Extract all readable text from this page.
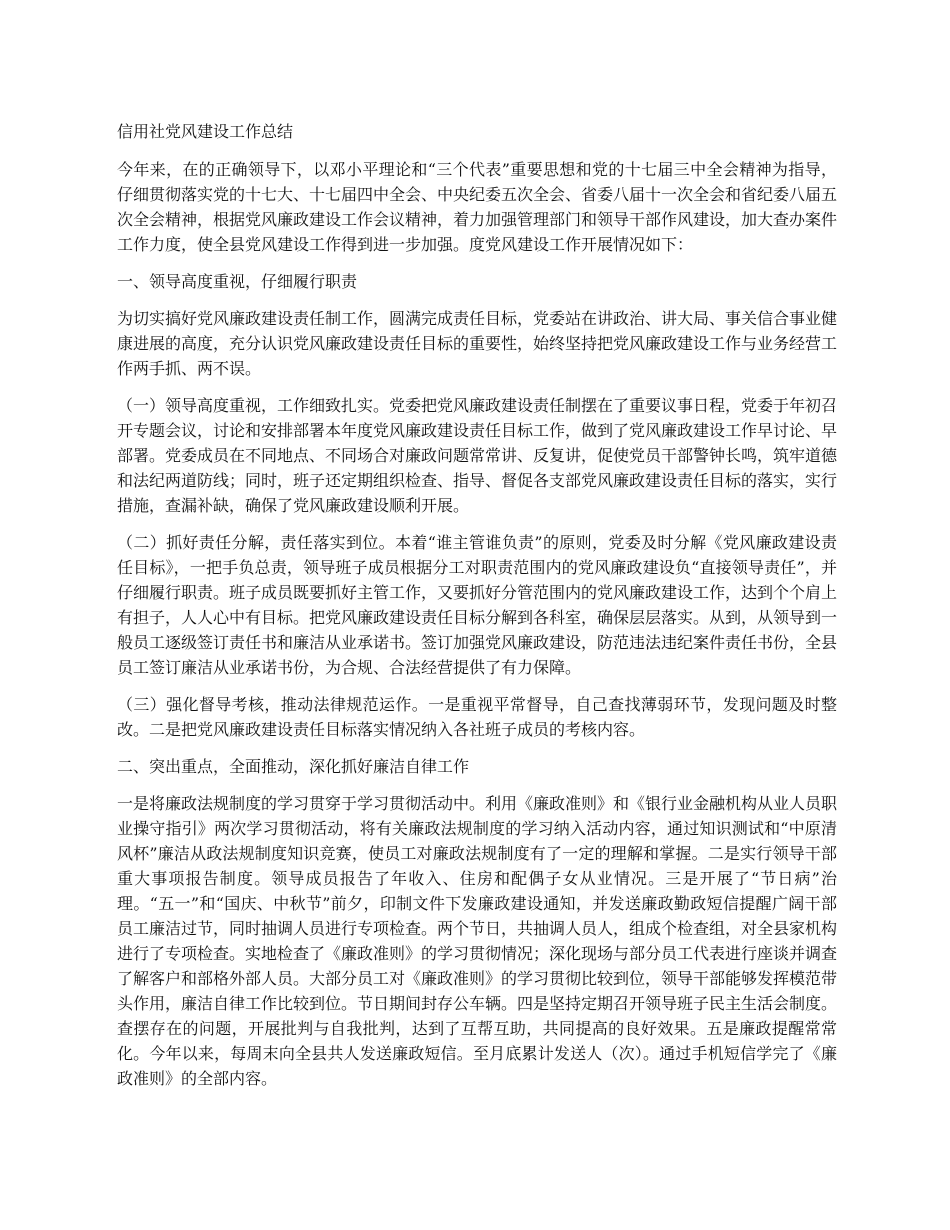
信用社党风建设工作总结

今年来，在的正确领导下，以邓小平理论和“三个代表”重要思想和党的十七届三中全会精神为指导，仔细贯彻落实党的十七大、十七届四中全会、中央纪委五次全会、省委八届十一次全会和省纪委八届五次全会精神，根据党风廉政建设工作会议精神，着力加强管理部门和领导干部作风建设，加大查办案件工作力度，使全县党风建设工作得到进一步加强。度党风建设工作开展情况如下：

一、领导高度重视，仔细履行职责

为切实搞好党风廉政建设责任制工作，圆满完成责任目标，党委站在讲政治、讲大局、事关信合事业健康进展的高度，充分认识党风廉政建设责任目标的重要性，始终坚持把党风廉政建设工作与业务经营工作两手抓、两不误。

（一）领导高度重视，工作细致扎实。党委把党风廉政建设责任制摆在了重要议事日程，党委于年初召开专题会议，讨论和安排部署本年度党风廉政建设责任目标工作，做到了党风廉政建设工作早讨论、早部署。党委成员在不同地点、不同场合对廉政问题常常讲、反复讲，促使党员干部警钟长鸣，筑牢道德和法纪两道防线；同时，班子还定期组织检查、指导、督促各支部党风廉政建设责任目标的落实，实行措施，查漏补缺，确保了党风廉政建设顺利开展。

（二）抓好责任分解，责任落实到位。本着“谁主管谁负责”的原则，党委及时分解《党风廉政建设责任目标》，一把手负总责，领导班子成员根据分工对职责范围内的党风廉政建设负“直接领导责任”，并仔细履行职责。班子成员既要抓好主管工作，又要抓好分管范围内的党风廉政建设工作，达到个个肩上有担子，人人心中有目标。把党风廉政建设责任目标分解到各科室，确保层层落实。从到，从领导到一般员工逐级签订责任书和廉洁从业承诺书。签订加强党风廉政建设，防范违法违纪案件责任书份，全县员工签订廉洁从业承诺书份，为合规、合法经营提供了有力保障。

（三）强化督导考核，推动法律规范运作。一是重视平常督导，自己查找薄弱环节，发现问题及时整改。二是把党风廉政建设责任目标落实情况纳入各社班子成员的考核内容。

二、突出重点，全面推动，深化抓好廉洁自律工作

一是将廉政法规制度的学习贯穿于学习贯彻活动中。利用《廉政准则》和《银行业金融机构从业人员职业操守指引》两次学习贯彻活动，将有关廉政法规制度的学习纳入活动内容，通过知识测试和“中原清风杯”廉洁从政法规制度知识竞赛，使员工对廉政法规制度有了一定的理解和掌握。二是实行领导干部重大事项报告制度。领导成员报告了年收入、住房和配偶子女从业情况。三是开展了“节日病”治理。“五一”和“国庆、中秋节”前夕，印制文件下发廉政建设通知，并发送廉政勤政短信提醒广阔干部员工廉洁过节，同时抽调人员进行专项检查。两个节日，共抽调人员人，组成个检查组，对全县家机构进行了专项检查。实地检查了《廉政准则》的学习贯彻情况；深化现场与部分员工代表进行座谈并调查了解客户和部格外部人员。大部分员工对《廉政准则》的学习贯彻比较到位，领导干部能够发挥模范带头作用，廉洁自律工作比较到位。节日期间封存公车辆。四是坚持定期召开领导班子民主生活会制度。查摆存在的问题，开展批判与自我批判，达到了互帮互助，共同提高的良好效果。五是廉政提醒常常化。今年以来，每周末向全县共人发送廉政短信。至月底累计发送人（次）。通过手机短信学完了《廉政准则》的全部内容。
